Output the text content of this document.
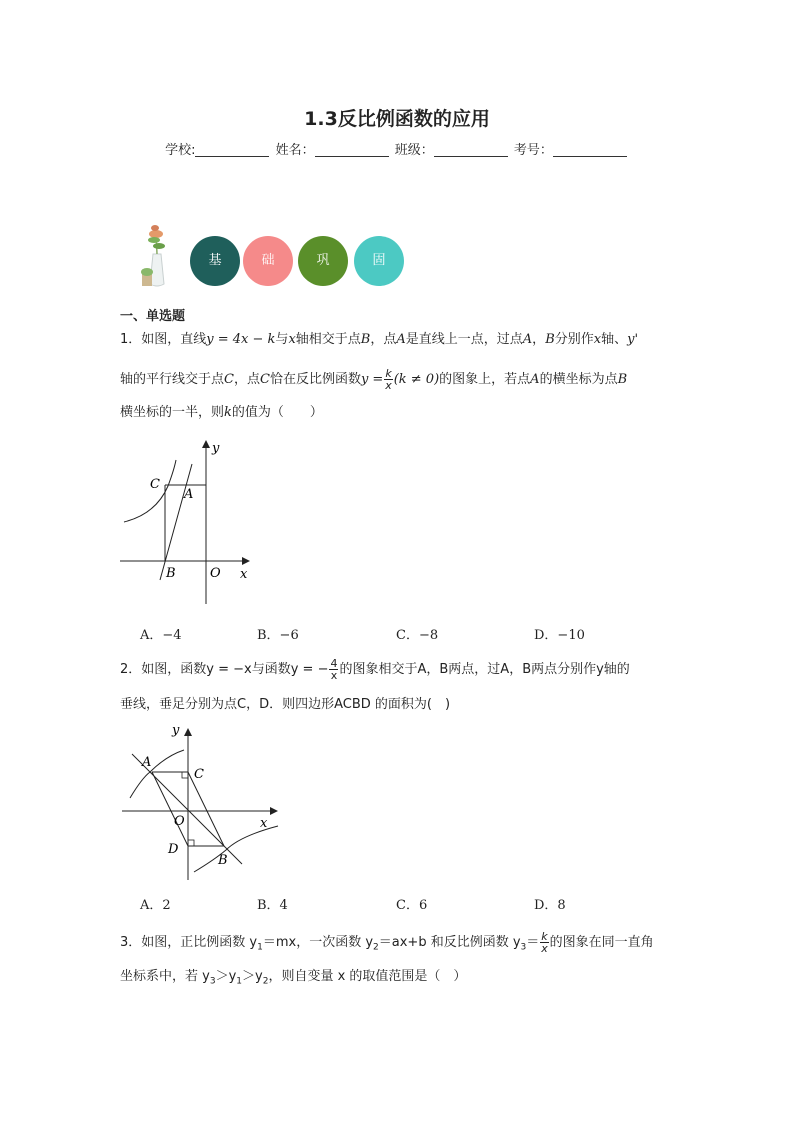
1.3反比例函数的应用
学校:	姓名：	班级：	考号：
基	础	巩	固
一、单选题
1．如图，直线y = 4x − k与x轴相交于点B，点A是直线上一点，过点A，B分别作x轴、y'
轴的平行线交于点C，点C恰在反比例函数$y = \frac{k}{x} (k \ne 0)$的图象上，若点A的横坐标为点B
横坐标的一半，则k的值为（　　）
C
A
B	O x
y
A．−4	B．−6	C．−8	D．−10
2．如图，函数y = −x与函数y = − $\frac{4}{x}$ 的图象相交于A，B两点，过A，B两点分别作y轴的
垂线，垂足分别为点C，D．则四边形ACBD 的面积为(　)
A
C
O
D
B
x
y
A．2	B．4	C．6	D．8
3．如图，正比例函数 $y_1=mx$，一次函数 $y_2=ax+b$ 和反比例函数 $y_3= \frac{k}{x}$ 的图象在同一直角
坐标系中，若 $y_3>y_1>y_2$，则自变量 x 的取值范围是（　）
